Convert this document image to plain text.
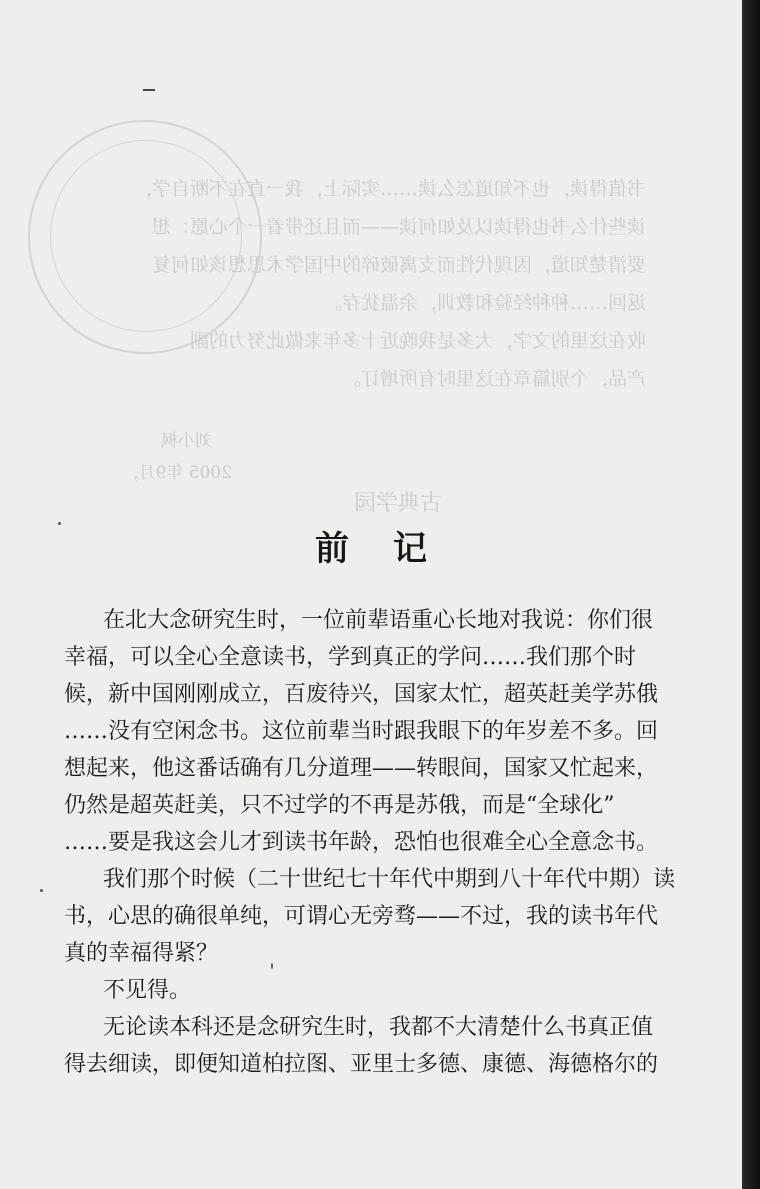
书值得读，也不知道怎么读……实际上，我一直在不断自学，
读些什么书也得读以及如何读——而且还带着一个心愿：想
要清楚知道，因现代性而支离破碎的中国学术思想该如何复
返回……种种经验和教训，余温犹存。
收在这里的文字，大多是我晚近十多年来做此努力的副
产品，个别篇章在这里时有所增订。
刘小枫
2005 年9月，
古典学园
前记
在北大念研究生时，一位前辈语重心长地对我说：你们很
幸福，可以全心全意读书，学到真正的学问……我们那个时
候，新中国刚刚成立，百废待兴，国家太忙，超英赶美学苏俄
……没有空闲念书。这位前辈当时跟我眼下的年岁差不多。回
想起来，他这番话确有几分道理——转眼间，国家又忙起来，
仍然是超英赶美，只不过学的不再是苏俄，而是“全球化”
……要是我这会儿才到读书年龄，恐怕也很难全心全意念书。
我们那个时候（二十世纪七十年代中期到八十年代中期）读
书，心思的确很单纯，可谓心无旁骛——不过，我的读书年代
真的幸福得紧？
不见得。
无论读本科还是念研究生时，我都不大清楚什么书真正值
得去细读，即便知道柏拉图、亚里士多德、康德、海德格尔的
